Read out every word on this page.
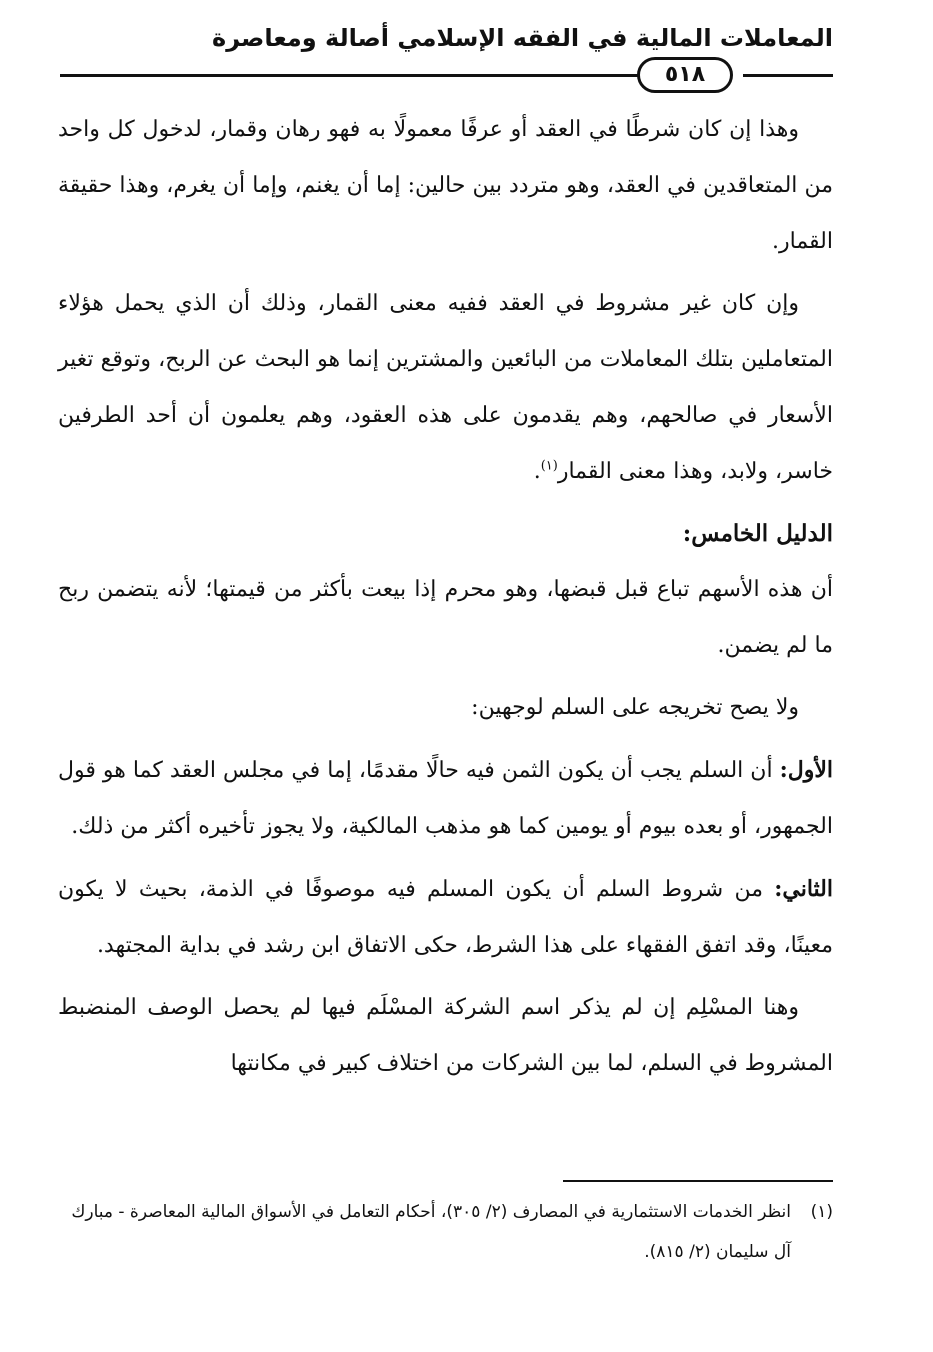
المعاملات المالية في الفقه الإسلامي أصالة ومعاصرة
٥١٨

وهذا إن كان شرطًا في العقد أو عرفًا معمولًا به فهو رهان وقمار، لدخول كل واحد من المتعاقدين في العقد، وهو متردد بين حالين: إما أن يغنم، وإما أن يغرم، وهذا حقيقة القمار.

وإن كان غير مشروط في العقد ففيه معنى القمار، وذلك أن الذي يحمل هؤلاء المتعاملين بتلك المعاملات من البائعين والمشترين إنما هو البحث عن الربح، وتوقع تغير الأسعار في صالحهم، وهم يقدمون على هذه العقود، وهم يعلمون أن أحد الطرفين خاسر، ولابد، وهذا معنى القمار$^{(١)}$.

الدليل الخامس:

أن هذه الأسهم تباع قبل قبضها، وهو محرم إذا بيعت بأكثر من قيمتها؛ لأنه يتضمن ربح ما لم يضمن.

ولا يصح تخريجه على السلم لوجهين:

الأول: أن السلم يجب أن يكون الثمن فيه حالًا مقدمًا، إما في مجلس العقد كما هو قول الجمهور، أو بعده بيوم أو يومين كما هو مذهب المالكية، ولا يجوز تأخيره أكثر من ذلك.

الثاني: من شروط السلم أن يكون المسلم فيه موصوفًا في الذمة، بحيث لا يكون معينًا، وقد اتفق الفقهاء على هذا الشرط، حكى الاتفاق ابن رشد في بداية المجتهد.

وهنا المسْلِم إن لم يذكر اسم الشركة المسْلَم فيها لم يحصل الوصف المنضبط المشروط في السلم، لما بين الشركات من اختلاف كبير في مكانتها

(١)
انظر الخدمات الاستثمارية في المصارف (٢/ ٣٠٥)، أحكام التعامل في الأسواق المالية المعاصرة - مبارك آل سليمان (٢/ ٨١٥).
